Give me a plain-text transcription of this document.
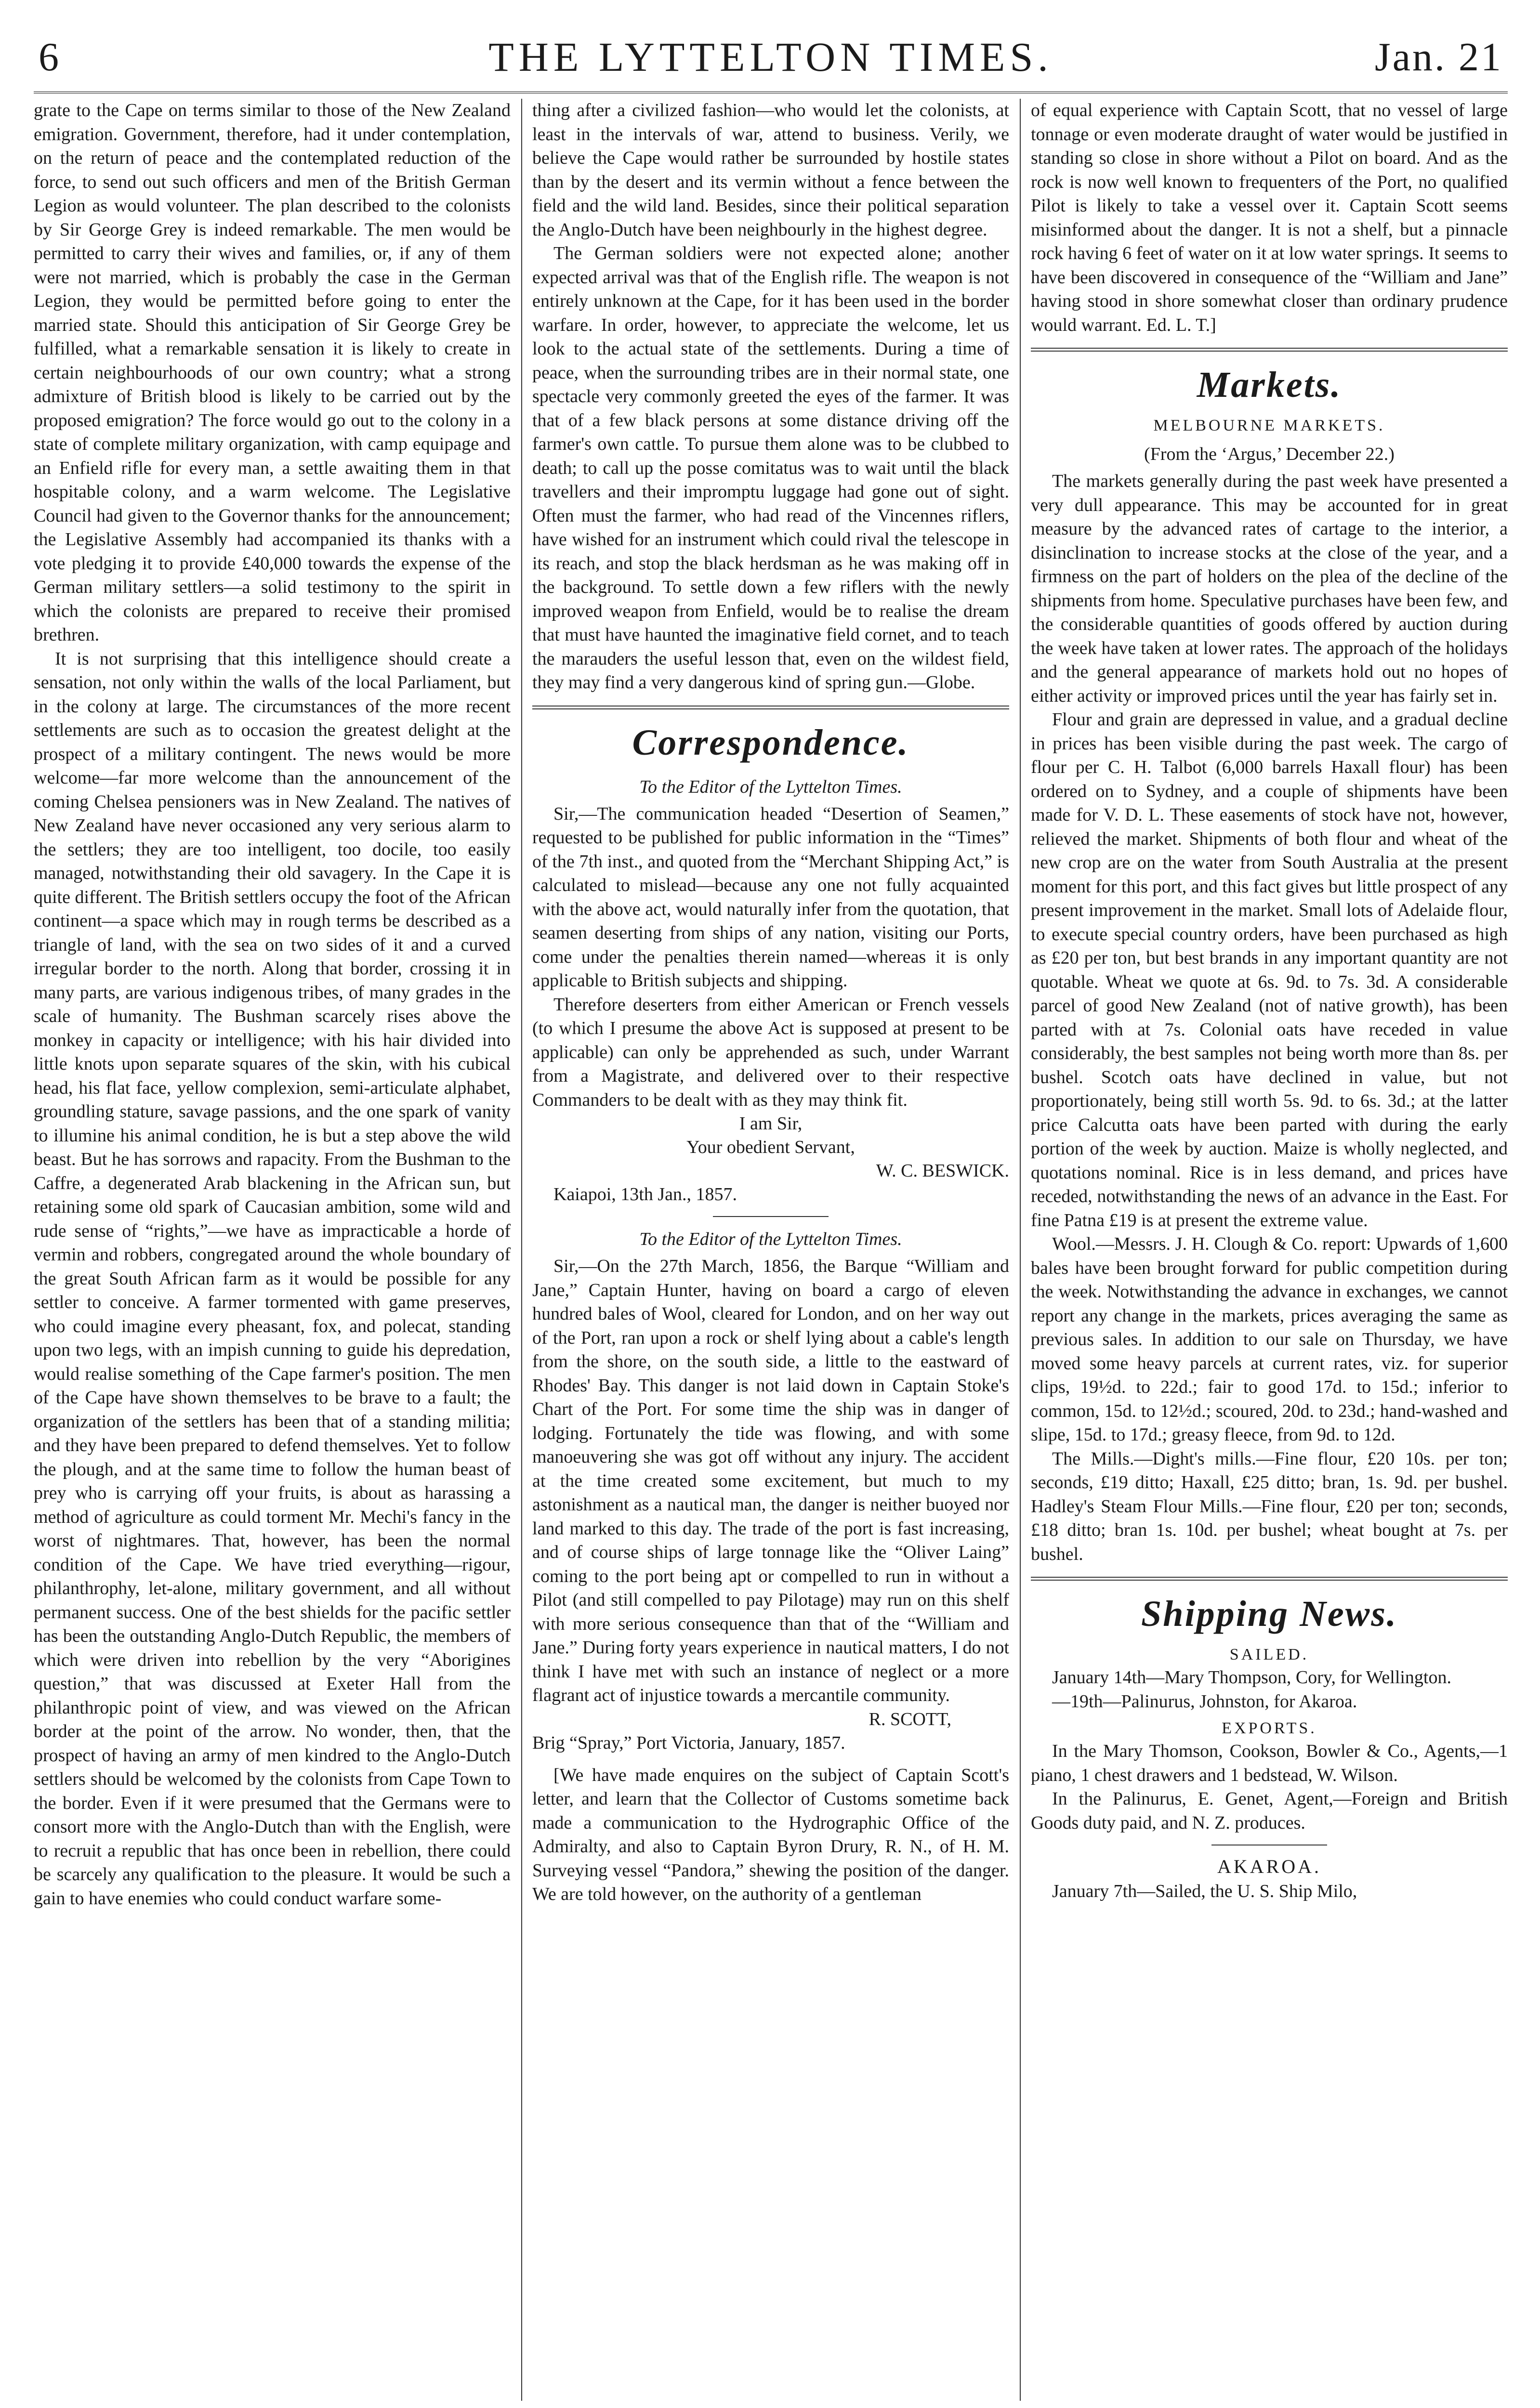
6	THE LYTTELTON TIMES.	Jan. 21

grate to the Cape on terms similar to those of the New Zealand emigration. Government, therefore, had it under contemplation, on the return of peace and the contemplated reduction of the force, to send out such officers and men of the British German Legion as would volunteer. The plan described to the colonists by Sir George Grey is indeed remarkable. The men would be permitted to carry their wives and families, or, if any of them were not married, which is probably the case in the German Legion, they would be permitted before going to enter the married state. Should this anticipation of Sir George Grey be fulfilled, what a remarkable sensation it is likely to create in certain neighbourhoods of our own country; what a strong admixture of British blood is likely to be carried out by the proposed emigration? The force would go out to the colony in a state of complete military organization, with camp equipage and an Enfield rifle for every man, a settle awaiting them in that hospitable colony, and a warm welcome. The Legislative Council had given to the Governor thanks for the announcement; the Legislative Assembly had accompanied its thanks with a vote pledging it to provide £40,000 towards the expense of the German military settlers—a solid testimony to the spirit in which the colonists are prepared to receive their promised brethren.

It is not surprising that this intelligence should create a sensation, not only within the walls of the local Parliament, but in the colony at large. The circumstances of the more recent settlements are such as to occasion the greatest delight at the prospect of a military contingent. The news would be more welcome—far more welcome than the announcement of the coming Chelsea pensioners was in New Zealand. The natives of New Zealand have never occasioned any very serious alarm to the settlers; they are too intelligent, too docile, too easily managed, notwithstanding their old savagery. In the Cape it is quite different. The British settlers occupy the foot of the African continent—a space which may in rough terms be described as a triangle of land, with the sea on two sides of it and a curved irregular border to the north. Along that border, crossing it in many parts, are various indigenous tribes, of many grades in the scale of humanity. The Bushman scarcely rises above the monkey in capacity or intelligence; with his hair divided into little knots upon separate squares of the skin, with his cubical head, his flat face, yellow complexion, semi-articulate alphabet, groundling stature, savage passions, and the one spark of vanity to illumine his animal condition, he is but a step above the wild beast. But he has sorrows and rapacity. From the Bushman to the Caffre, a degenerated Arab blackening in the African sun, but retaining some old spark of Caucasian ambition, some wild and rude sense of “rights,”—we have as impracticable a horde of vermin and robbers, congregated around the whole boundary of the great South African farm as it would be possible for any settler to conceive. A farmer tormented with game preserves, who could imagine every pheasant, fox, and polecat, standing upon two legs, with an impish cunning to guide his depredation, would realise something of the Cape farmer's position. The men of the Cape have shown themselves to be brave to a fault; the organization of the settlers has been that of a standing militia; and they have been prepared to defend themselves. Yet to follow the plough, and at the same time to follow the human beast of prey who is carrying off your fruits, is about as harassing a method of agriculture as could torment Mr. Mechi's fancy in the worst of nightmares. That, however, has been the normal condition of the Cape. We have tried everything—rigour, philanthrophy, let-alone, military government, and all without permanent success. One of the best shields for the pacific settler has been the outstanding Anglo-Dutch Republic, the members of which were driven into rebellion by the very “Aborigines question,” that was discussed at Exeter Hall from the philanthropic point of view, and was viewed on the African border at the point of the arrow. No wonder, then, that the prospect of having an army of men kindred to the Anglo-Dutch settlers should be welcomed by the colonists from Cape Town to the border. Even if it were presumed that the Germans were to consort more with the Anglo-Dutch than with the English, were to recruit a republic that has once been in rebellion, there could be scarcely any qualification to the pleasure. It would be such a gain to have enemies who could conduct warfare some-

thing after a civilized fashion—who would let the colonists, at least in the intervals of war, attend to business. Verily, we believe the Cape would rather be surrounded by hostile states than by the desert and its vermin without a fence between the field and the wild land. Besides, since their political separation the Anglo-Dutch have been neighbourly in the highest degree.

The German soldiers were not expected alone; another expected arrival was that of the English rifle. The weapon is not entirely unknown at the Cape, for it has been used in the border warfare. In order, however, to appreciate the welcome, let us look to the actual state of the settlements. During a time of peace, when the surrounding tribes are in their normal state, one spectacle very commonly greeted the eyes of the farmer. It was that of a few black persons at some distance driving off the farmer's own cattle. To pursue them alone was to be clubbed to death; to call up the posse comitatus was to wait until the black travellers and their impromptu luggage had gone out of sight. Often must the farmer, who had read of the Vincennes riflers, have wished for an instrument which could rival the telescope in its reach, and stop the black herdsman as he was making off in the background. To settle down a few riflers with the newly improved weapon from Enfield, would be to realise the dream that must have haunted the imaginative field cornet, and to teach the marauders the useful lesson that, even on the wildest field, they may find a very dangerous kind of spring gun.—Globe.

Correspondence.
To the Editor of the Lyttelton Times.

Sir,—The communication headed “Desertion of Seamen,” requested to be published for public information in the “Times” of the 7th inst., and quoted from the “Merchant Shipping Act,” is calculated to mislead—because any one not fully acquainted with the above act, would naturally infer from the quotation, that seamen deserting from ships of any nation, visiting our Ports, come under the penalties therein named—whereas it is only applicable to British subjects and shipping.

Therefore deserters from either American or French vessels (to which I presume the above Act is supposed at present to be applicable) can only be apprehended as such, under Warrant from a Magistrate, and delivered over to their respective Commanders to be dealt with as they may think fit.

I am Sir,
Your obedient Servant,
W. C. BESWICK.
Kaiapoi, 13th Jan., 1857.
To the Editor of the Lyttelton Times.

Sir,—On the 27th March, 1856, the Barque “William and Jane,” Captain Hunter, having on board a cargo of eleven hundred bales of Wool, cleared for London, and on her way out of the Port, ran upon a rock or shelf lying about a cable's length from the shore, on the south side, a little to the eastward of Rhodes' Bay. This danger is not laid down in Captain Stoke's Chart of the Port. For some time the ship was in danger of lodging. Fortunately the tide was flowing, and with some manoeuvering she was got off without any injury. The accident at the time created some excitement, but much to my astonishment as a nautical man, the danger is neither buoyed nor land marked to this day. The trade of the port is fast increasing, and of course ships of large tonnage like the “Oliver Laing” coming to the port being apt or compelled to run in without a Pilot (and still compelled to pay Pilotage) may run on this shelf with more serious consequence than that of the “William and Jane.” During forty years experience in nautical matters, I do not think I have met with such an instance of neglect or a more flagrant act of injustice towards a mercantile community.

R. SCOTT,
Brig “Spray,” Port Victoria, January, 1857.

[We have made enquires on the subject of Captain Scott's letter, and learn that the Collector of Customs sometime back made a communication to the Hydrographic Office of the Admiralty, and also to Captain Byron Drury, R. N., of H. M. Surveying vessel “Pandora,” shewing the position of the danger. We are told however, on the authority of a gentleman

of equal experience with Captain Scott, that no vessel of large tonnage or even moderate draught of water would be justified in standing so close in shore without a Pilot on board. And as the rock is now well known to frequenters of the Port, no qualified Pilot is likely to take a vessel over it. Captain Scott seems misinformed about the danger. It is not a shelf, but a pinnacle rock having 6 feet of water on it at low water springs. It seems to have been discovered in consequence of the “William and Jane” having stood in shore somewhat closer than ordinary prudence would warrant. Ed. L. T.]

Markets.
MELBOURNE MARKETS.
(From the ‘Argus,’ December 22.)

The markets generally during the past week have presented a very dull appearance. This may be accounted for in great measure by the advanced rates of cartage to the interior, a disinclination to increase stocks at the close of the year, and a firmness on the part of holders on the plea of the decline of the shipments from home. Speculative purchases have been few, and the considerable quantities of goods offered by auction during the week have taken at lower rates. The approach of the holidays and the general appearance of markets hold out no hopes of either activity or improved prices until the year has fairly set in.

Flour and grain are depressed in value, and a gradual decline in prices has been visible during the past week. The cargo of flour per C. H. Talbot (6,000 barrels Haxall flour) has been ordered on to Sydney, and a couple of shipments have been made for V. D. L. These easements of stock have not, however, relieved the market. Shipments of both flour and wheat of the new crop are on the water from South Australia at the present moment for this port, and this fact gives but little prospect of any present improvement in the market. Small lots of Adelaide flour, to execute special country orders, have been purchased as high as £20 per ton, but best brands in any important quantity are not quotable. Wheat we quote at 6s. 9d. to 7s. 3d. A considerable parcel of good New Zealand (not of native growth), has been parted with at 7s. Colonial oats have receded in value considerably, the best samples not being worth more than 8s. per bushel. Scotch oats have declined in value, but not proportionately, being still worth 5s. 9d. to 6s. 3d.; at the latter price Calcutta oats have been parted with during the early portion of the week by auction. Maize is wholly neglected, and quotations nominal. Rice is in less demand, and prices have receded, notwithstanding the news of an advance in the East. For fine Patna £19 is at present the extreme value.

Wool.—Messrs. J. H. Clough & Co. report: Upwards of 1,600 bales have been brought forward for public competition during the week. Notwithstanding the advance in exchanges, we cannot report any change in the markets, prices averaging the same as previous sales. In addition to our sale on Thursday, we have moved some heavy parcels at current rates, viz. for superior clips, 19½d. to 22d.; fair to good 17d. to 15d.; inferior to common, 15d. to 12½d.; scoured, 20d. to 23d.; hand-washed and slipe, 15d. to 17d.; greasy fleece, from 9d. to 12d.

The Mills.—Dight's mills.—Fine flour, £20 10s. per ton; seconds, £19 ditto; Haxall, £25 ditto; bran, 1s. 9d. per bushel. Hadley's Steam Flour Mills.—Fine flour, £20 per ton; seconds, £18 ditto; bran 1s. 10d. per bushel; wheat bought at 7s. per bushel.

Shipping News.
SAILED.

January 14th—Mary Thompson, Cory, for Wellington.

—19th—Palinurus, Johnston, for Akaroa.

EXPORTS.

In the Mary Thomson, Cookson, Bowler & Co., Agents,—1 piano, 1 chest drawers and 1 bedstead, W. Wilson.

In the Palinurus, E. Genet, Agent,—Foreign and British Goods duty paid, and N. Z. produces.

AKAROA.

January 7th—Sailed, the U. S. Ship Milo,
